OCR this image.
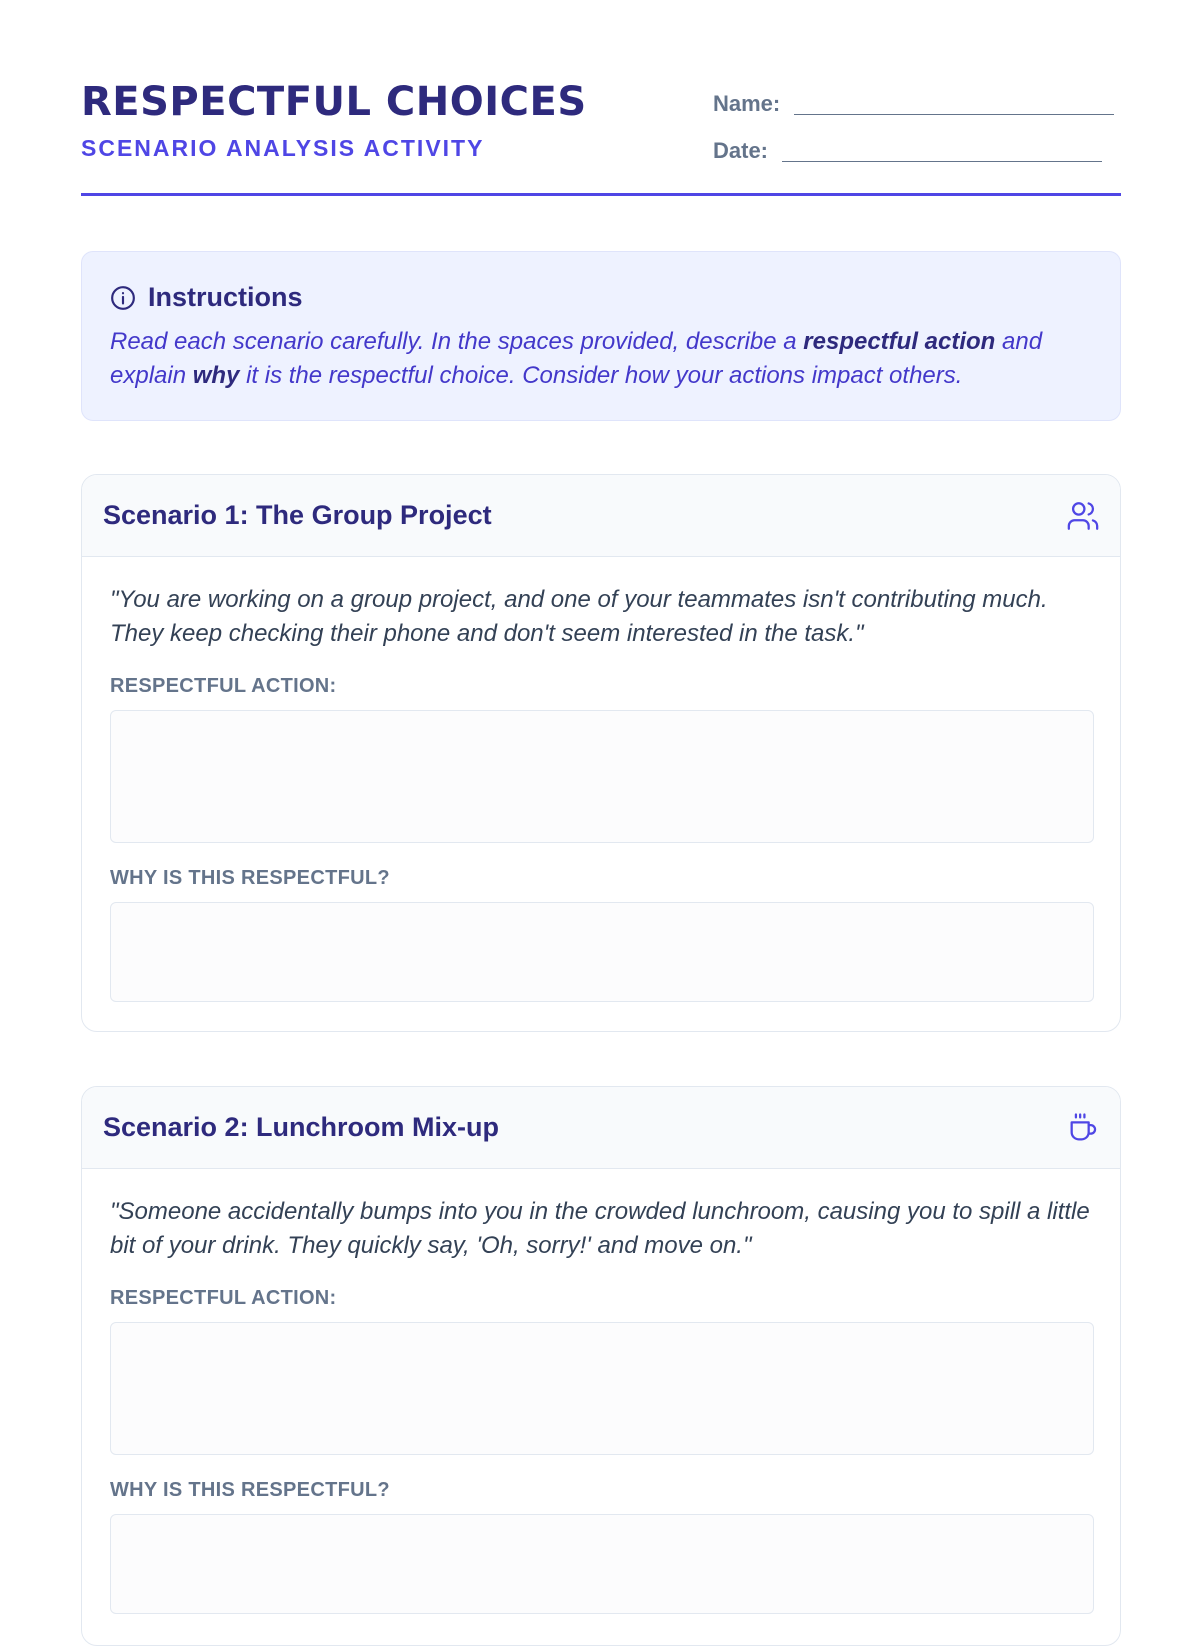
RESPECTFUL CHOICES
SCENARIO ANALYSIS ACTIVITY
Name:
Date:
Instructions
Read each scenario carefully. In the spaces provided, describe a respectful action and explain why it is the respectful choice. Consider how your actions impact others.
Scenario 1: The Group Project

"You are working on a group project, and one of your teammates isn't contributing much. They keep checking their phone and don't seem interested in the task."

RESPECTFUL ACTION:
WHY IS THIS RESPECTFUL?
Scenario 2: Lunchroom Mix-up

"Someone accidentally bumps into you in the crowded lunchroom, causing you to spill a little bit of your drink. They quickly say, 'Oh, sorry!' and move on."

RESPECTFUL ACTION:
WHY IS THIS RESPECTFUL?
